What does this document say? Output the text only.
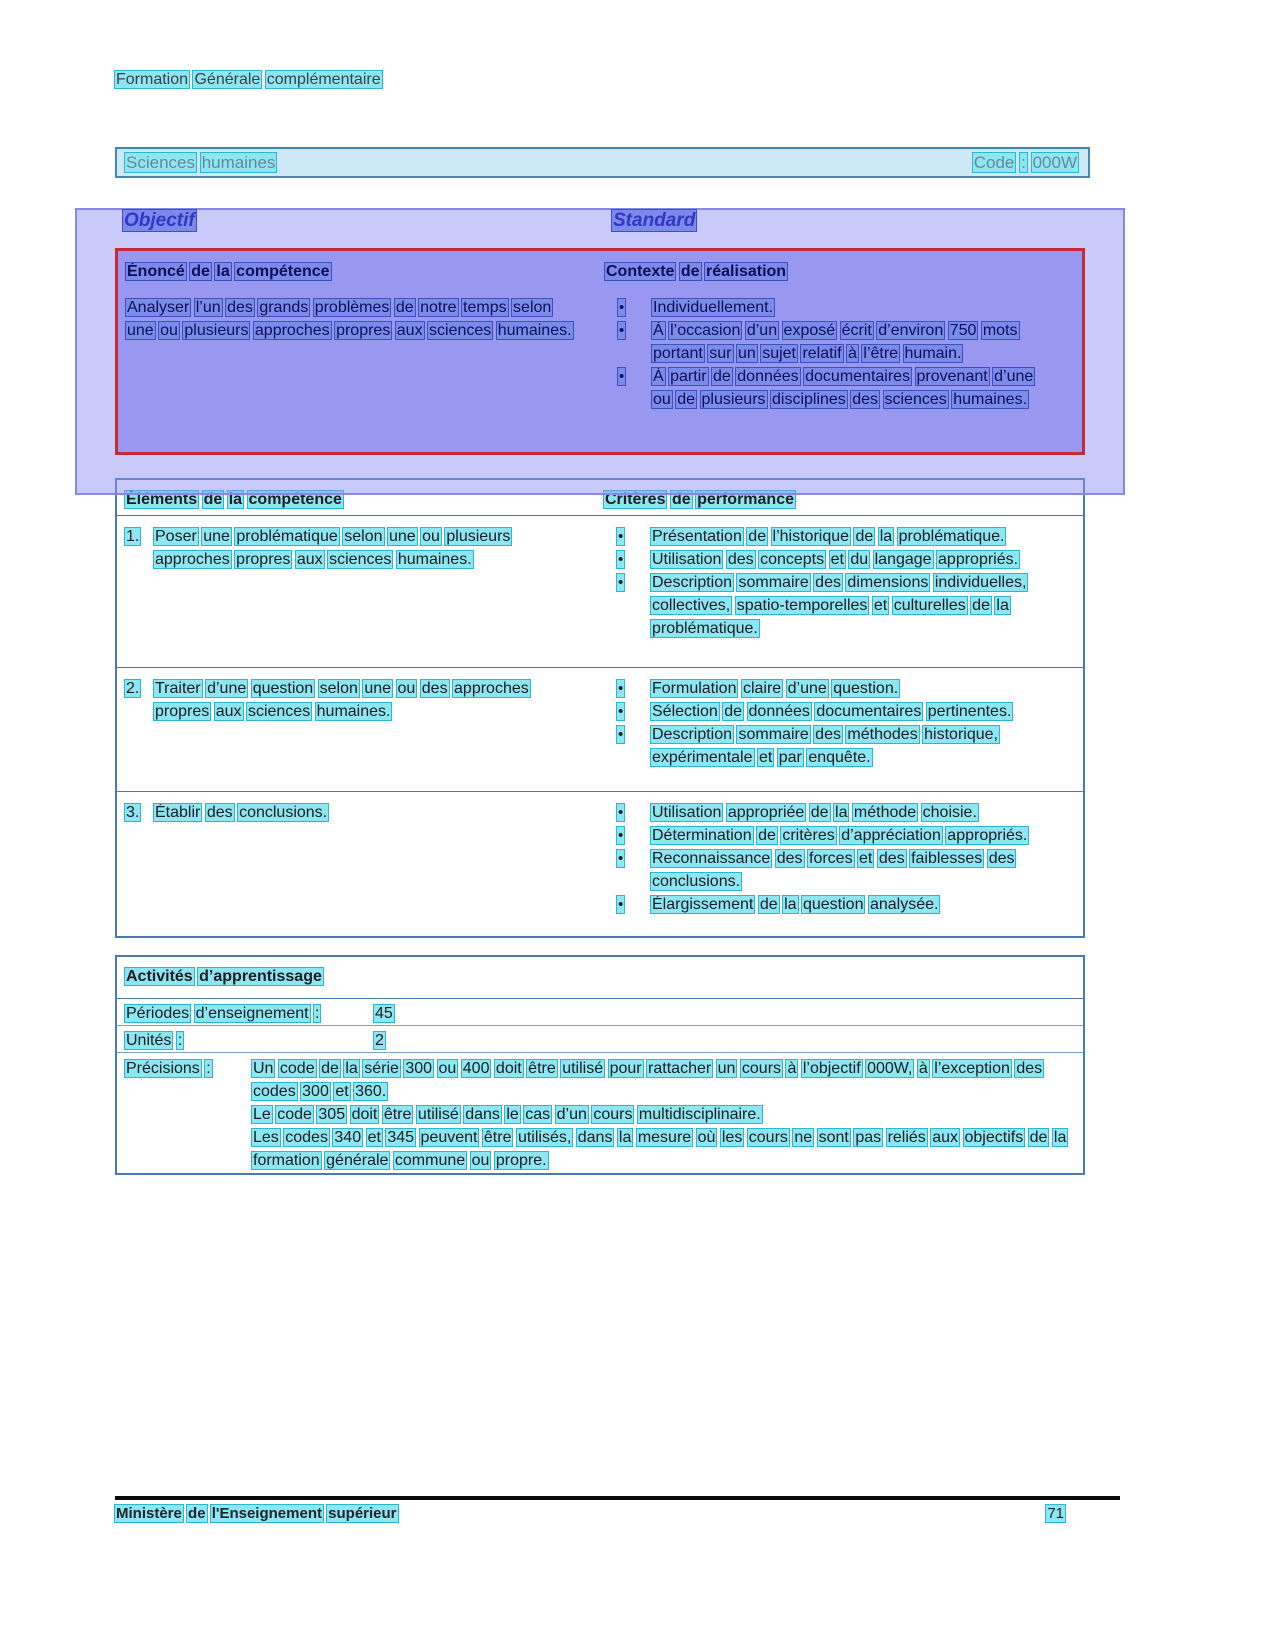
Formation Générale complémentaire
Sciences humaines	Code : 000W
Objectif	Standard
Énoncé de la compétence	Contexte de réalisation
Analyser l’un des grands problèmes de notre temps selon une ou plusieurs approches propres aux sciences humaines.
•	Individuellement.
•	À l’occasion d’un exposé écrit d’environ 750 mots portant sur un sujet relatif à l’être humain.
•	À partir de données documentaires provenant d’une ou de plusieurs disciplines des sciences humaines.
Éléments de la compétence	Critères de performance
1. Poser une problématique selon une ou plusieurs approches propres aux sciences humaines.
•	Présentation de l’historique de la problématique.
•	Utilisation des concepts et du langage appropriés.
•	Description sommaire des dimensions individuelles, collectives, spatio-temporelles et culturelles de la problématique.
2. Traiter d’une question selon une ou des approches propres aux sciences humaines.
•	Formulation claire d’une question.
•	Sélection de données documentaires pertinentes.
•	Description sommaire des méthodes historique, expérimentale et par enquête.
3. Établir des conclusions.	•	Utilisation appropriée de la méthode choisie.
•	Détermination de critères d’appréciation appropriés.
•	Reconnaissance des forces et des faiblesses des conclusions.
•	Élargissement de la question analysée.
Activités d’apprentissage
Périodes d’enseignement :	45
Unités :	2
Précisions :	Un code de la série 300 ou 400 doit être utilisé pour rattacher un cours à l’objectif 000W, à l’exception des codes 300 et 360.
Le code 305 doit être utilisé dans le cas d’un cours multidisciplinaire.
Les codes 340 et 345 peuvent être utilisés, dans la mesure où les cours ne sont pas reliés aux objectifs de la formation générale commune ou propre.
Ministère de l'Enseignement supérieur	71
